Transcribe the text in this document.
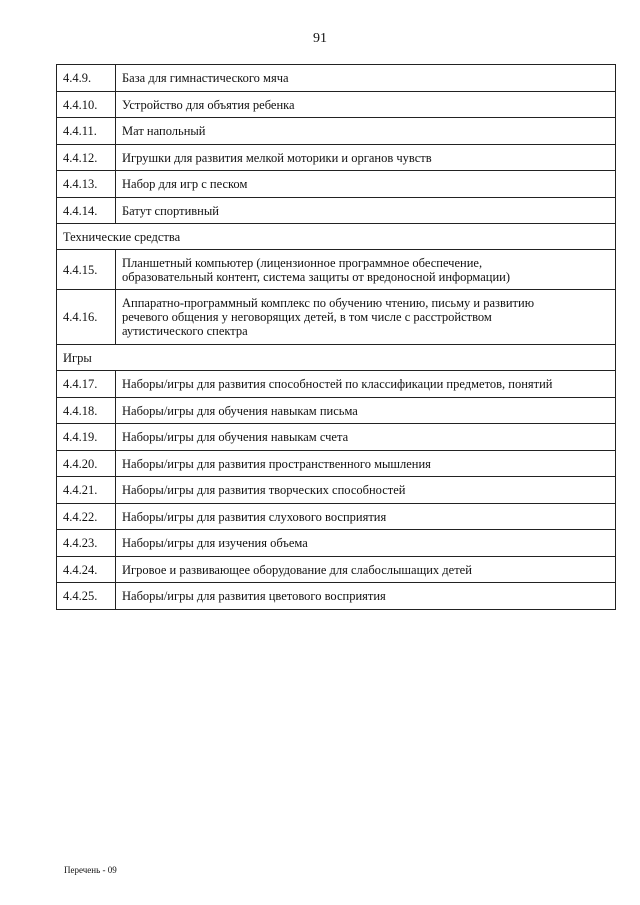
91
4.4.9.	База для гимнастического мяча
4.4.10.	Устройство для объятия ребенка
4.4.11.	Мат напольный
4.4.12.	Игрушки для развития мелкой моторики и органов чувств
4.4.13.	Набор для игр с песком
4.4.14.	Батут спортивный
Технические средства	
4.4.15.	Планшетный компьютер (лицензионное программное обеспечение,
образовательный контент, система защиты от вредоносной информации)

4.4.16.	Аппаратно-программный комплекс по обучению чтению, письму и развитию
речевого общения у неговорящих детей, в том числе с расстройством
аутистического спектра

Игры	
4.4.17.	Наборы/игры для развития способностей по классификации предметов, понятий
4.4.18.	Наборы/игры для обучения навыкам письма
4.4.19.	Наборы/игры для обучения навыкам счета
4.4.20.	Наборы/игры для развития пространственного мышления
4.4.21.	Наборы/игры для развития творческих способностей
4.4.22.	Наборы/игры для развития слухового восприятия
4.4.23.	Наборы/игры для изучения объема
4.4.24.	Игровое и развивающее оборудование для слабослышащих детей
4.4.25.	Наборы/игры для развития цветового восприятия
Перечень - 09
